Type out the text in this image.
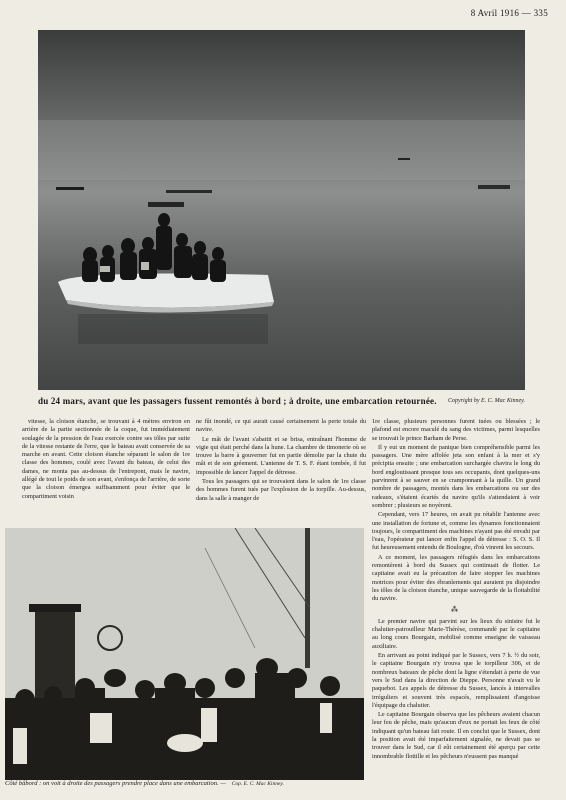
8 Avril 1916 — 335
du 24 mars, avant que les passagers fussent remontés à bord ; à droite, une embarcation retournée. Copyright by E. C. Mac Kinney.

vitesse, la cloison étanche, se trouvant à 4 mètres environ en arrière de la partie sectionnée de la coque, fut immédiatement soulagée de la pression de l'eau exercée contre ses tôles par suite de la vitesse restante de l'erre, que le bateau avait conservée de sa marche en avant. Cette cloison étanche séparant le salon de 1re classe des hommes, coulé avec l'avant du bateau, de celui des dames, ne monta pas au-dessus de l'entrepont, mais le navire, allégé de tout le poids de son avant, s'enfonça de l'arrière, de sorte que la cloison émergea suffisamment pour éviter que le compartiment voisin

ne fût inondé, ce qui aurait causé certainement la perte totale du navire.

Le mât de l'avant s'abattit et se brisa, entraînant l'homme de vigie qui était perché dans la hune. La chambre de timonerie où se trouve la barre à gouverner fut en partie démolie par la chute du mât et de son gréement. L'antenne de T. S. F. étant tombée, il fut impossible de lancer l'appel de détresse.

Tous les passagers qui se trouvaient dans le salon de 1re classe des hommes furent tués par l'explosion de la torpille. Au-dessus, dans la salle à manger de

1re classe, plusieurs personnes furent tuées ou blessées ; le plafond est encore maculé du sang des victimes, parmi lesquelles se trouvait le prince Barham de Perse.

Il y eut un moment de panique bien compréhensible parmi les passagers. Une mère affolée jeta son enfant à la mer et s'y précipita ensuite ; une embarcation surchargée chavira le long du bord engloutissant presque tous ses occupants, dont quelques-uns parvinrent à se sauver en se cramponnant à la quille. Un grand nombre de passagers, montés dans les embarcations ou sur des radeaux, s'étaient écartés du navire qu'ils s'attendaient à voir sombrer ; plusieurs se noyèrent.

Cependant, vers 17 heures, on avait pu rétablir l'antenne avec une installation de fortune et, comme les dynamos fonctionnaient toujours, le compartiment des machines n'ayant pas été envahi par l'eau, l'opérateur put lancer enfin l'appel de détresse : S. O. S. Il fut heureusement entendu de Boulogne, d'où vinrent les secours.

A ce moment, les passagers réfugiés dans les embarcations remontèrent à bord du Sussex qui continuait de flotter. Le capitaine avait eu la précaution de faire stopper les machines motrices pour éviter des ébranlements qui auraient pu disjoindre les tôles de la cloison étanche, unique sauvegarde de la flottabilité du navire.

⁂

Le premier navire qui parvint sur les lieux du sinistre fut le chalutier-patrouilleur Marie-Thérèse, commandé par le capitaine au long cours Bourgain, mobilisé comme enseigne de vaisseau auxiliaire.

En arrivant au point indiqué par le Sussex, vers 7 h. ½ du soir, le capitaine Bourgain n'y trouva que le torpilleur 306, et de nombreux bateaux de pêche dont la ligne s'étendait à perte de vue vers le Sud dans la direction de Dieppe. Personne n'avait vu le paquebot. Les appels de détresse du Sussex, lancés à intervalles irréguliers et souvent très espacés, remplissaient d'angoisse l'équipage du chalutier.

Le capitaine Bourgain observa que les pêcheurs avaient chacun leur feu de pêche, mais qu'aucun d'eux ne portait les feux de côté indiquant qu'un bateau fait route. Il en conclut que le Sussex, dont la position avait été imparfaitement signalée, ne devait pas se trouver dans le Sud, car il eût certainement été aperçu par cette innombrable flottille et les pêcheurs n'eussent pas manqué

Côté bâbord : on voit à droite des passagers prendre place dans une embarcation. — Cop. E. C. Mac Kinney.
